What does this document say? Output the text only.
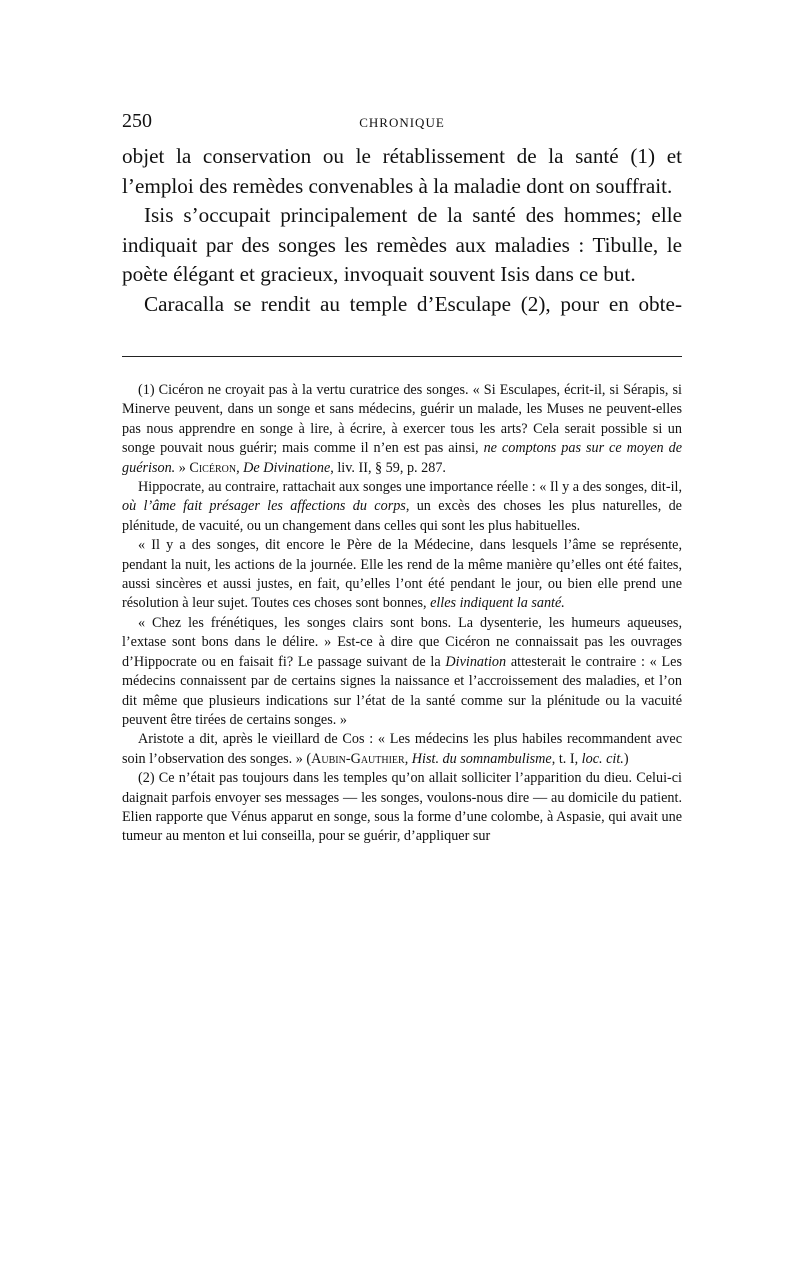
250	CHRONIQUE

objet la conservation ou le rétablissement de la santé (1) et l’emploi des remèdes convenables à la maladie dont on souffrait.

Isis s’occupait principalement de la santé des hommes; elle indiquait par des songes les remèdes aux maladies : Tibulle, le poète élégant et gracieux, invoquait souvent Isis dans ce but.

Caracalla se rendit au temple d’Esculape (2), pour en obte-

(1) Cicéron ne croyait pas à la vertu curatrice des songes. « Si Esculapes, écrit-il, si Sérapis, si Minerve peuvent, dans un songe et sans médecins, guérir un malade, les Muses ne peuvent-elles pas nous apprendre en songe à lire, à écrire, à exercer tous les arts? Cela serait possible si un songe pouvait nous guérir; mais comme il n’en est pas ainsi, ne comptons pas sur ce moyen de guérison. » Cicéron, De Divinatione, liv. II, § 59, p. 287.

Hippocrate, au contraire, rattachait aux songes une importance réelle : « Il y a des songes, dit-il, où l’âme fait présager les affections du corps, un excès des choses les plus naturelles, de plénitude, de vacuité, ou un changement dans celles qui sont les plus habituelles.

« Il y a des songes, dit encore le Père de la Médecine, dans lesquels l’âme se représente, pendant la nuit, les actions de la journée. Elle les rend de la même manière qu’elles ont été faites, aussi sincères et aussi justes, en fait, qu’elles l’ont été pendant le jour, ou bien elle prend une résolution à leur sujet. Toutes ces choses sont bonnes, elles indiquent la santé.

« Chez les frénétiques, les songes clairs sont bons. La dysenterie, les humeurs aqueuses, l’extase sont bons dans le délire. » Est-ce à dire que Cicéron ne connaissait pas les ouvrages d’Hippocrate ou en faisait fi? Le passage suivant de la Divination attesterait le contraire : « Les médecins connaissent par de certains signes la naissance et l’accroissement des maladies, et l’on dit même que plusieurs indications sur l’état de la santé comme sur la plénitude ou la vacuité peuvent être tirées de certains songes. »

Aristote a dit, après le vieillard de Cos : « Les médecins les plus habiles recommandent avec soin l’observation des songes. » (Aubin-Gauthier, Hist. du somnambulisme, t. I, loc. cit.)

(2) Ce n’était pas toujours dans les temples qu’on allait solliciter l’apparition du dieu. Celui-ci daignait parfois envoyer ses messages — les songes, voulons-nous dire — au domicile du patient. Elien rapporte que Vénus apparut en songe, sous la forme d’une colombe, à Aspasie, qui avait une tumeur au menton et lui conseilla, pour se guérir, d’appliquer sur
